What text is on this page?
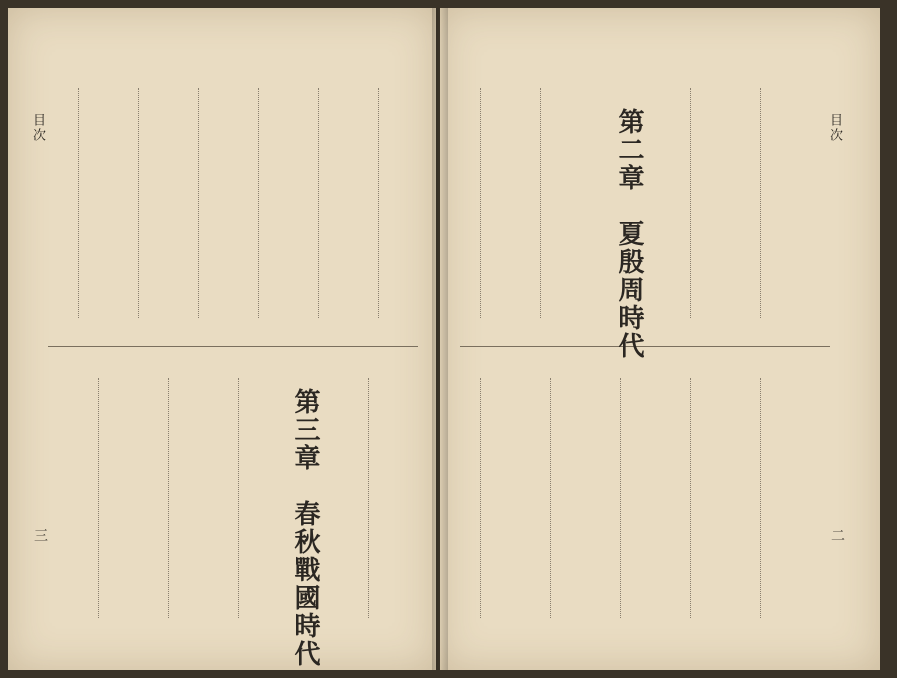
目次
三	第三章　春秋戰國時代
目次
二
第二章　夏殷周時代
